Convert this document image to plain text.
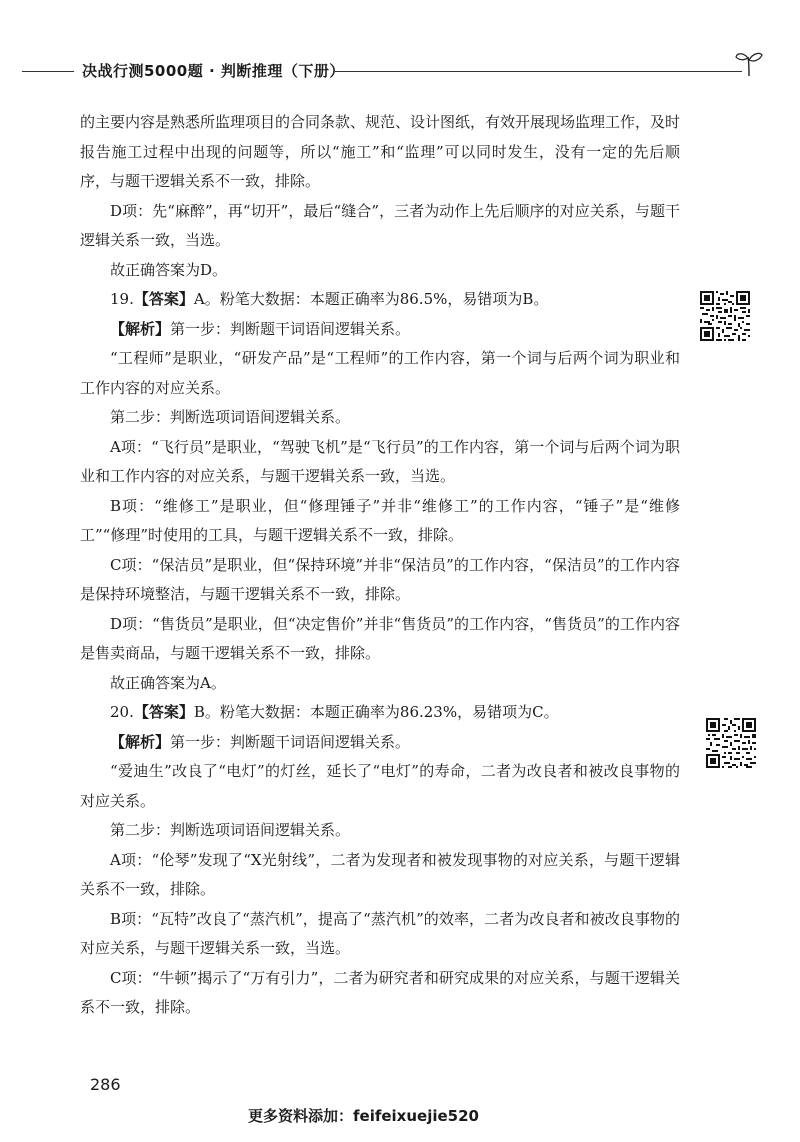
决战行测5000题 · 判断推理（下册）

的主要内容是熟悉所监理项目的合同条款、规范、设计图纸，有效开展现场监理工作，及时报告施工过程中出现的问题等，所以“施工”和“监理”可以同时发生，没有一定的先后顺序，与题干逻辑关系不一致，排除。

D项：先“麻醉”，再“切开”，最后“缝合”，三者为动作上先后顺序的对应关系，与题干逻辑关系一致，当选。

故正确答案为D。

19.【答案】A。粉笔大数据：本题正确率为86.5%，易错项为B。

【解析】第一步：判断题干词语间逻辑关系。

“工程师”是职业，“研发产品”是“工程师”的工作内容，第一个词与后两个词为职业和工作内容的对应关系。

第二步：判断选项词语间逻辑关系。

A项：“飞行员”是职业，“驾驶飞机”是“飞行员”的工作内容，第一个词与后两个词为职业和工作内容的对应关系，与题干逻辑关系一致，当选。

B项：“维修工”是职业，但“修理锤子”并非“维修工”的工作内容，“锤子”是“维修工”“修理”时使用的工具，与题干逻辑关系不一致，排除。

C项：“保洁员”是职业，但“保持环境”并非“保洁员”的工作内容，“保洁员”的工作内容是保持环境整洁，与题干逻辑关系不一致，排除。

D项：“售货员”是职业，但“决定售价”并非“售货员”的工作内容，“售货员”的工作内容是售卖商品，与题干逻辑关系不一致，排除。

故正确答案为A。

20.【答案】B。粉笔大数据：本题正确率为86.23%，易错项为C。

【解析】第一步：判断题干词语间逻辑关系。

“爱迪生”改良了“电灯”的灯丝，延长了“电灯”的寿命，二者为改良者和被改良事物的对应关系。

第二步：判断选项词语间逻辑关系。

A项：“伦琴”发现了“X光射线”，二者为发现者和被发现事物的对应关系，与题干逻辑关系不一致，排除。

B项：“瓦特”改良了“蒸汽机”，提高了“蒸汽机”的效率，二者为改良者和被改良事物的对应关系，与题干逻辑关系一致，当选。

C项：“牛顿”揭示了“万有引力”，二者为研究者和研究成果的对应关系，与题干逻辑关系不一致，排除。

286
更多资料添加：feifeixuejie520
